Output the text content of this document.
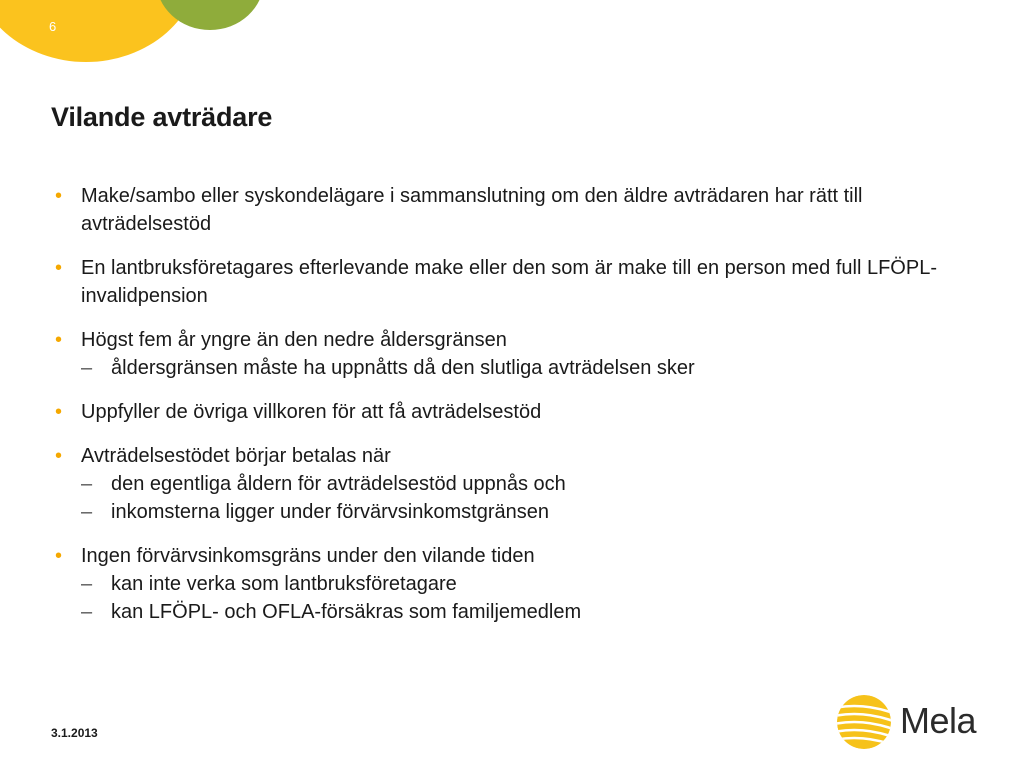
6
Vilande avträdare
• Make/sambo eller syskondelägare i sammanslutning om den äldre avträdaren har rätt till avträdelsestöd
• En lantbruksföretagares efterlevande make eller den som är make till en person med full LFÖPL-invalidpension
• Högst fem år yngre än den nedre åldersgränsen
– åldersgränsen måste ha uppnåtts då den slutliga avträdelsen sker
• Uppfyller de övriga villkoren för att få avträdelsestöd
• Avträdelsestödet börjar betalas när
– den egentliga åldern för avträdelsestöd uppnås och
– inkomsterna ligger under förvärvsinkomstgränsen
• Ingen förvärvsinkomsgräns under den vilande tiden
– kan inte verka som lantbruksföretagare
– kan LFÖPL- och OFLA-försäkras som familjemedlem
3.1.2013	Mela
